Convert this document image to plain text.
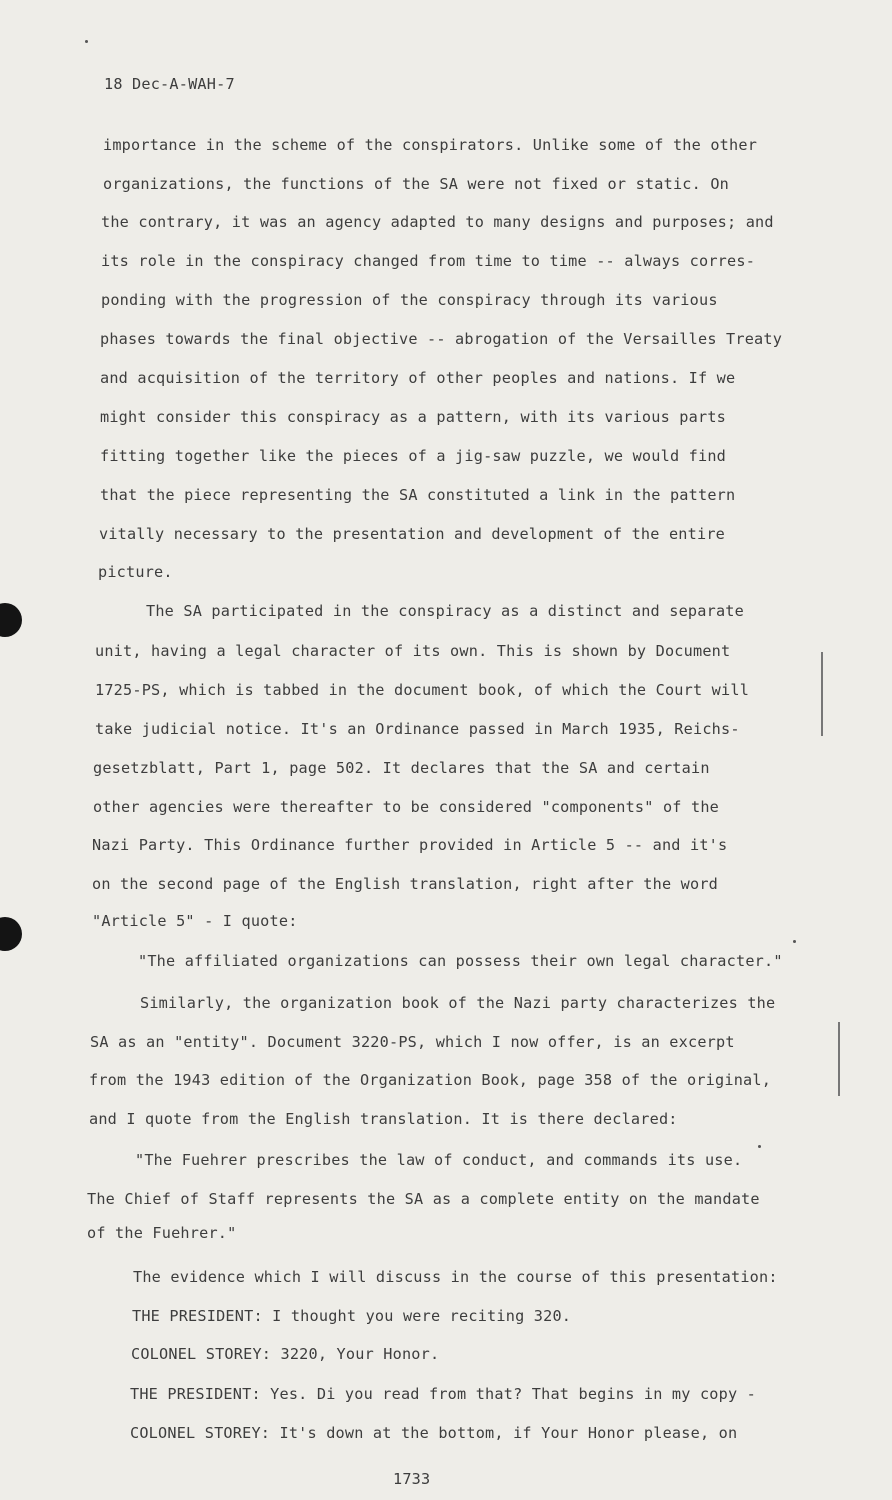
18 Dec-A-WAH-7
importance in the scheme of the conspirators. Unlike some of the other
organizations, the functions of the SA were not fixed or static. On
the contrary, it was an agency adapted to many designs and purposes; and
its role in the conspiracy changed from time to time -- always corres-
ponding with the progression of the conspiracy through its various
phases towards the final objective -- abrogation of the Versailles Treaty
and acquisition of the territory of other peoples and nations. If we
might consider this conspiracy as a pattern, with its various parts
fitting together like the pieces of a jig-saw puzzle, we would find
that the piece representing the SA constituted a link in the pattern
vitally necessary to the presentation and development of the entire
picture.
The SA participated in the conspiracy as a distinct and separate
unit, having a legal character of its own. This is shown by Document
1725-PS, which is tabbed in the document book, of which the Court will
take judicial notice. It's an Ordinance passed in March 1935, Reichs-
gesetzblatt, Part 1, page 502. It declares that the SA and certain
other agencies were thereafter to be considered "components" of the
Nazi Party. This Ordinance further provided in Article 5 -- and it's
on the second page of the English translation, right after the word
"Article 5" - I quote:
"The affiliated organizations can possess their own legal character."
Similarly, the organization book of the Nazi party characterizes the
SA as an "entity". Document 3220-PS, which I now offer, is an excerpt
from the 1943 edition of the Organization Book, page 358 of the original,
and I quote from the English translation. It is there declared:
"The Fuehrer prescribes the law of conduct, and commands its use.
The Chief of Staff represents the SA as a complete entity on the mandate
of the Fuehrer."
The evidence which I will discuss in the course of this presentation:
THE PRESIDENT: I thought you were reciting 320.
COLONEL STOREY: 3220, Your Honor.
THE PRESIDENT: Yes. Di you read from that? That begins in my copy -
COLONEL STOREY: It's down at the bottom, if Your Honor please, on
1733
